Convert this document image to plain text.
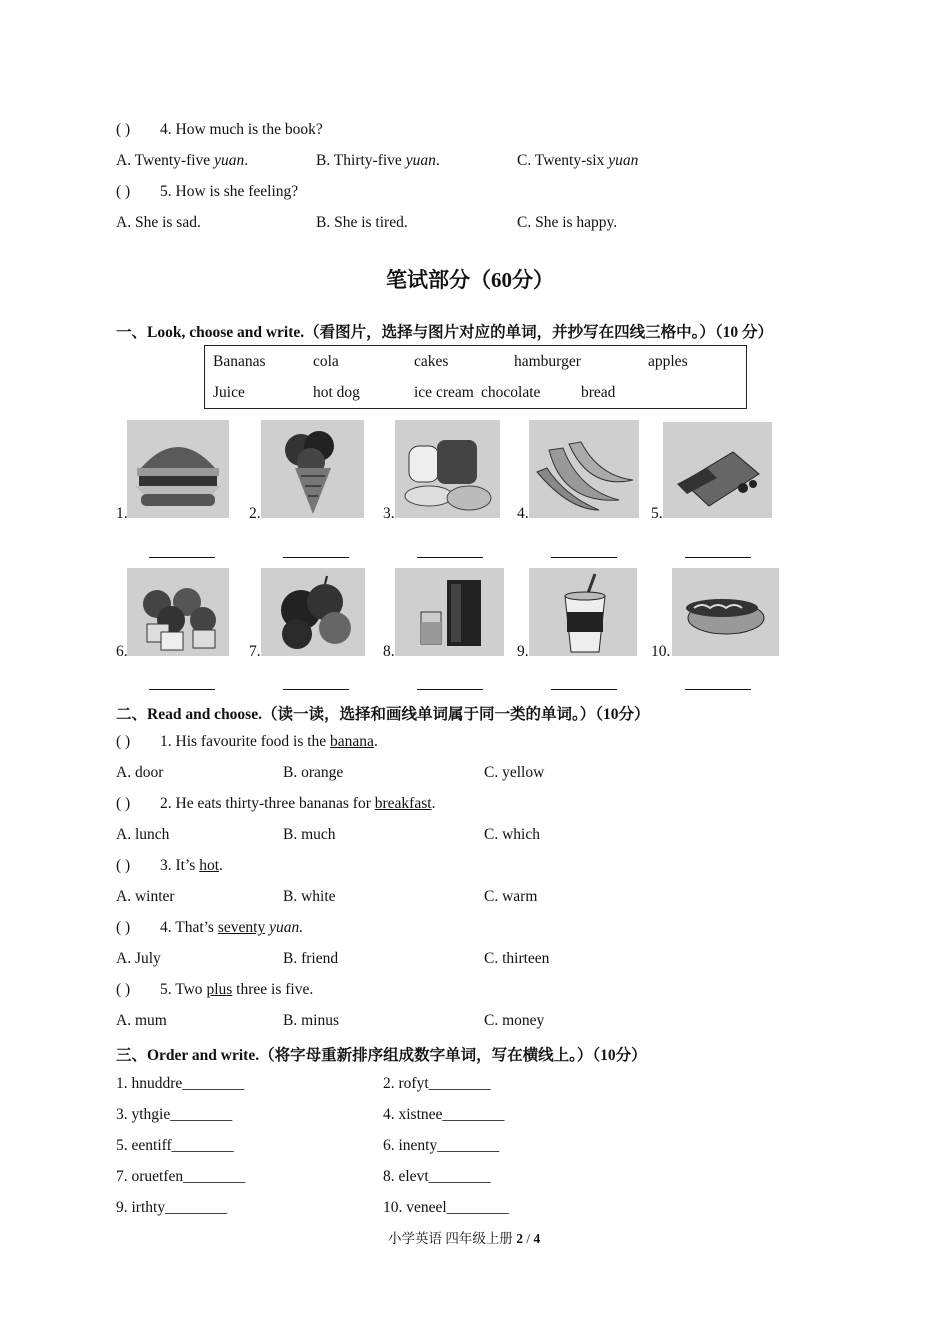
( ) 4. How much is the book?
A. Twenty-five yuan.	B. Thirty-five yuan.	C. Twenty-six yuan
( ) 5. How is she feeling?
A. She is sad.	B. She is tired.	C. She is happy.
笔试部分（60分）
一、Look, choose and write.（看图片，选择与图片对应的单词，并抄写在四线三格中。）（10 分）
Bananas	cola	cakes	hamburger	apples
Juice	hot dog	ice cream chocolate	bread
1.	2.	3.	4.	5.
6.	7.	8.	9.	10.
二、Read and choose.（读一读，选择和画线单词属于同一类的单词。）（10分）
( ) 1. His favourite food is the banana.
A. door	B. orange	C. yellow
( ) 2. He eats thirty-three bananas for breakfast.
A. lunch	B. much	C. which
( ) 3. It’s hot.
A. winter	B. white	C. warm
( ) 4. That’s seventy yuan.
A. July	B. friend	C. thirteen
( ) 5. Two plus three is five.
A. mum	B. minus	C. money
三、Order and write.（将字母重新排序组成数字单词，写在横线上。）（10分）
1. hnuddre________	2. rofyt________
3. ythgie________	4. xistnee________
5. eentiff________	6. inenty________
7. oruetfen________	8. elevt________
9. irthty________	10. veneel________
小学英语 四年级上册 2 / 4
